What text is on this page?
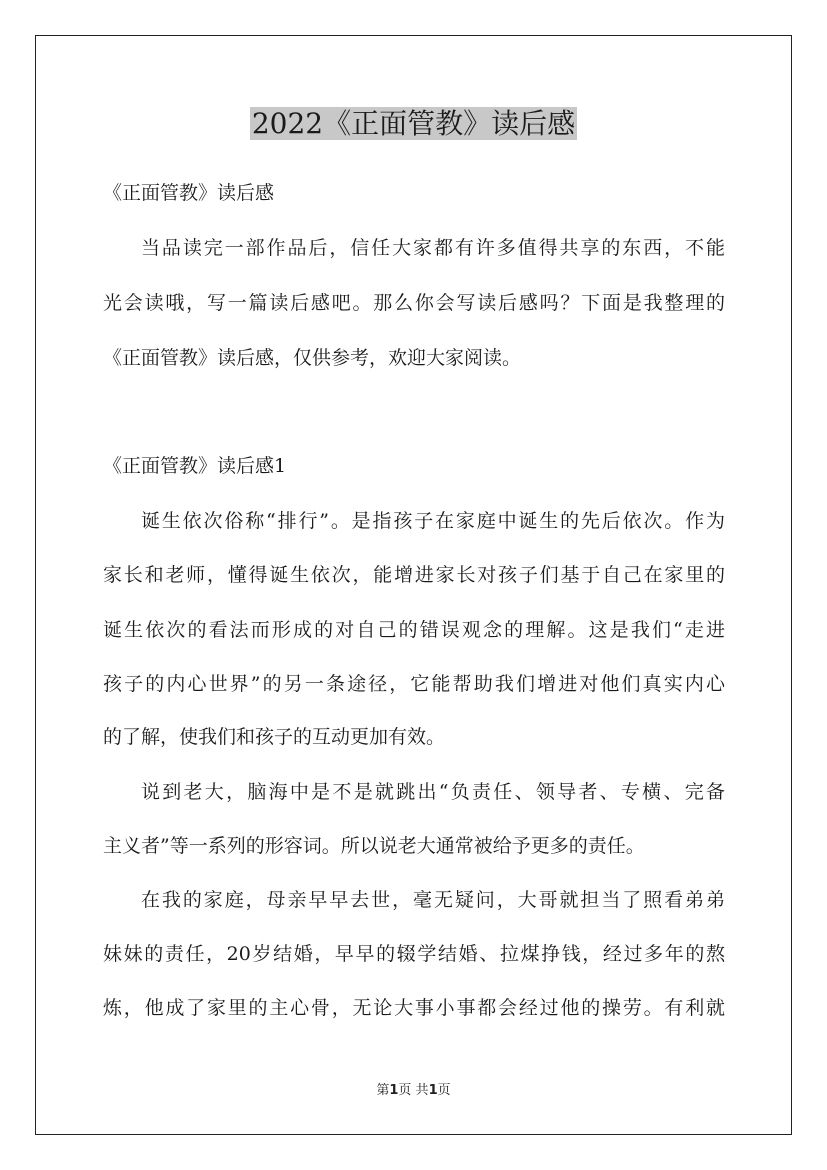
2022《正面管教》读后感

《正面管教》读后感

当品读完一部作品后，信任大家都有许多值得共享的东西，不能

光会读哦，写一篇读后感吧。那么你会写读后感吗？下面是我整理的

《正面管教》读后感，仅供参考，欢迎大家阅读。

《正面管教》读后感1

诞生依次俗称“排行”。是指孩子在家庭中诞生的先后依次。作为

家长和老师，懂得诞生依次，能增进家长对孩子们基于自己在家里的

诞生依次的看法而形成的对自己的错误观念的理解。这是我们“走进

孩子的内心世界”的另一条途径，它能帮助我们增进对他们真实内心

的了解，使我们和孩子的互动更加有效。

说到老大，脑海中是不是就跳出“负责任、领导者、专横、完备

主义者”等一系列的形容词。所以说老大通常被给予更多的责任。

在我的家庭，母亲早早去世，毫无疑问，大哥就担当了照看弟弟

妹妹的责任，20岁结婚，早早的辍学结婚、拉煤挣钱，经过多年的熬

炼，他成了家里的主心骨，无论大事小事都会经过他的操劳。有利就

第1页 共1页
